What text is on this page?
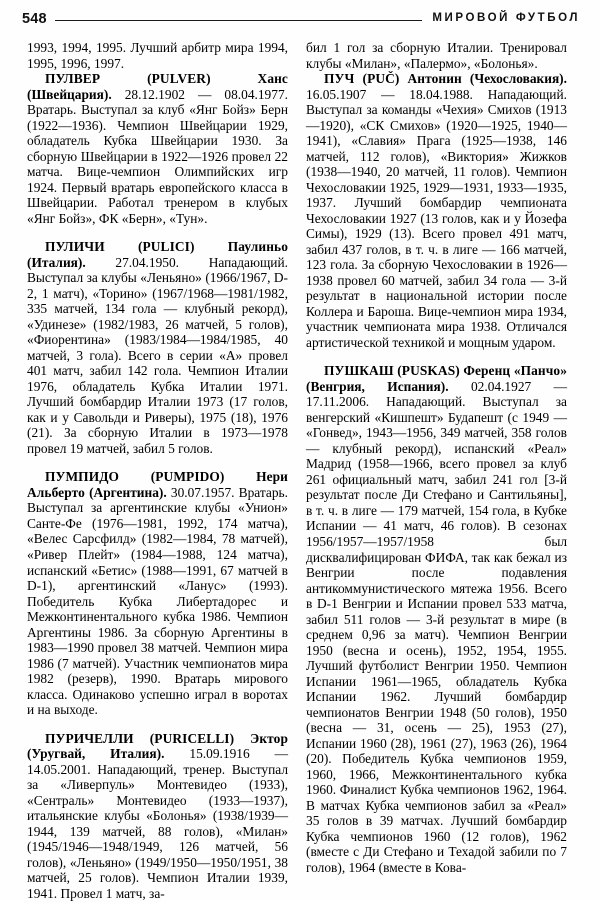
548	МИРОВОЙ ФУТБОЛ

1993, 1994, 1995. Лучший арбитр мира 1994, 1995, 1996, 1997.

ПУЛВЕР (PULVER)	Ханс (Швейцария). 28.12.1902 — 08.04.1977. Вратарь. Выступал за клуб «Янг Бойз» Берн (1922—1936). Чемпион Швейцарии 1929, обладатель Кубка Швейцарии 1930. За сборную Швейцарии в 1922—1926 провел 22 матча. Вице-чемпион Олимпийских игр 1924. Первый вратарь европейского класса в Швейцарии. Работал тренером в клубых «Янг Бойз», ФК «Берн», «Тун».

ПУЛИЧИ (PULICI) Паулиньо (Италия). 27.04.1950. Нападающий. Выступал за клубы «Леньяно» (1966/1967, D-2, 1 матч), «Торино» (1967/1968—1981/1982, 335 матчей, 134 гола — клубный рекорд), «Удинезе» (1982/1983, 26 матчей, 5 голов), «Фиорентина» (1983/1984—1984/1985, 40 матчей, 3 гола). Всего в серии «А» провел 401 матч, забил 142 гола. Чемпион Италии 1976, обладатель Кубка Италии 1971. Лучший бомбардир Италии 1973 (17 голов, как и у Савольди и Риверы), 1975 (18), 1976 (21). За сборную Италии в 1973—1978 провел 19 матчей, забил 5 голов.

ПУМПИДО (PUMPIDO) Нери Альберто (Аргентина). 30.07.1957. Вратарь. Выступал за аргентинские клубы «Унион» Санте-Фе (1976—1981, 1992, 174 матча), «Велес Сарсфилд» (1982—1984, 78 матчей), «Ривер Плейт» (1984—1988, 124 матча), испанский «Бетис» (1988—1991, 67 матчей в D-1), аргентинский «Ланус» (1993). Победитель Кубка Либертадорес и Межконтинентального кубка 1986. Чемпион Аргентины 1986. За сборную Аргентины в 1983—1990 провел 38 матчей. Чемпион мира 1986 (7 матчей). Участник чемпионатов мира 1982 (резерв), 1990. Вратарь мирового класса. Одинаково успешно играл в воротах и на выходе.

ПУРИЧЕЛЛИ (PURICELLI) Эктор (Уругвай, Италия). 15.09.1916 — 14.05.2001. Нападающий, тренер. Выступал за «Ливерпуль» Монтевидео (1933), «Сентраль» Монтевидео (1933—1937), итальянские клубы «Болонья» (1938/1939—1944, 139 матчей, 88 голов), «Милан» (1945/1946—1948/1949, 126 матчей, 56 голов), «Леньяно» (1949/1950—1950/1951, 38 матчей, 25 голов). Чемпион Италии 1939, 1941. Провел 1 матч, за-

бил 1 гол за сборную Италии. Тренировал клубы «Милан», «Палермо», «Болонья».

ПУЧ (PUČ) Антонин (Чехословакия). 16.05.1907 — 18.04.1988. Нападающий. Выступал за команды «Чехия» Смихов (1913—1920), «СК Смихов» (1920—1925, 1940—1941), «Славия» Прага (1925—1938, 146 матчей, 112 голов), «Виктория» Жижков (1938—1940, 20 матчей, 11 голов). Чемпион Чехословакии 1925, 1929—1931, 1933—1935, 1937. Лучший бомбардир чемпионата Чехословакии 1927 (13 голов, как и у Йозефа Симы), 1929 (13). Всего провел 491 матч, забил 437 голов, в т. ч. в лиге — 166 матчей, 123 гола. За сборную Чехословакии в 1926—1938 провел 60 матчей, забил 34 гола — 3-й результат в национальной истории после Коллера и Бароша. Вице-чемпион мира 1934, участник чемпионата мира 1938. Отличался артистической техникой и мощным ударом.

ПУШКАШ (PUSKAS) Ференц «Панчо» (Венгрия, Испания). 02.04.1927 — 17.11.2006. Нападающий. Выступал за венгерский «Кишпешт» Будапешт (с 1949 — «Гонвед», 1943—1956, 349 матчей, 358 голов — клубный рекорд), испанский «Реал» Мадрид (1958—1966, всего провел за клуб 261 официальный матч, забил 241 гол [3-й результат после Ди Стефано и Сантильяны], в т. ч. в лиге — 179 матчей, 154 гола, в Кубке Испании — 41 матч, 46 голов). В сезонах 1956/1957—1957/1958 был дисквалифицирован ФИФА, так как бежал из Венгрии после подавления антикоммунистического мятежа 1956. Всего в D-1 Венгрии и Испании провел 533 матча, забил 511 голов — 3-й результат в мире (в среднем 0,96 за матч). Чемпион Венгрии 1950 (весна и осень), 1952, 1954, 1955. Лучший футболист Венгрии 1950. Чемпион Испании 1961—1965, обладатель Кубка Испании 1962. Лучший бомбардир чемпионатов Венгрии 1948 (50 голов), 1950 (весна — 31, осень — 25), 1953 (27), Испании 1960 (28), 1961 (27), 1963 (26), 1964 (20). Победитель Кубка чемпионов 1959, 1960, 1966, Межконтинентального кубка 1960. Финалист Кубка чемпионов 1962, 1964. В матчах Кубка чемпионов забил за «Реал» 35 голов в 39 матчах. Лучший бомбардир Кубка чемпионов 1960 (12 голов), 1962 (вместе с Ди Стефано и Техадой забили по 7 голов), 1964 (вместе в Кова-
